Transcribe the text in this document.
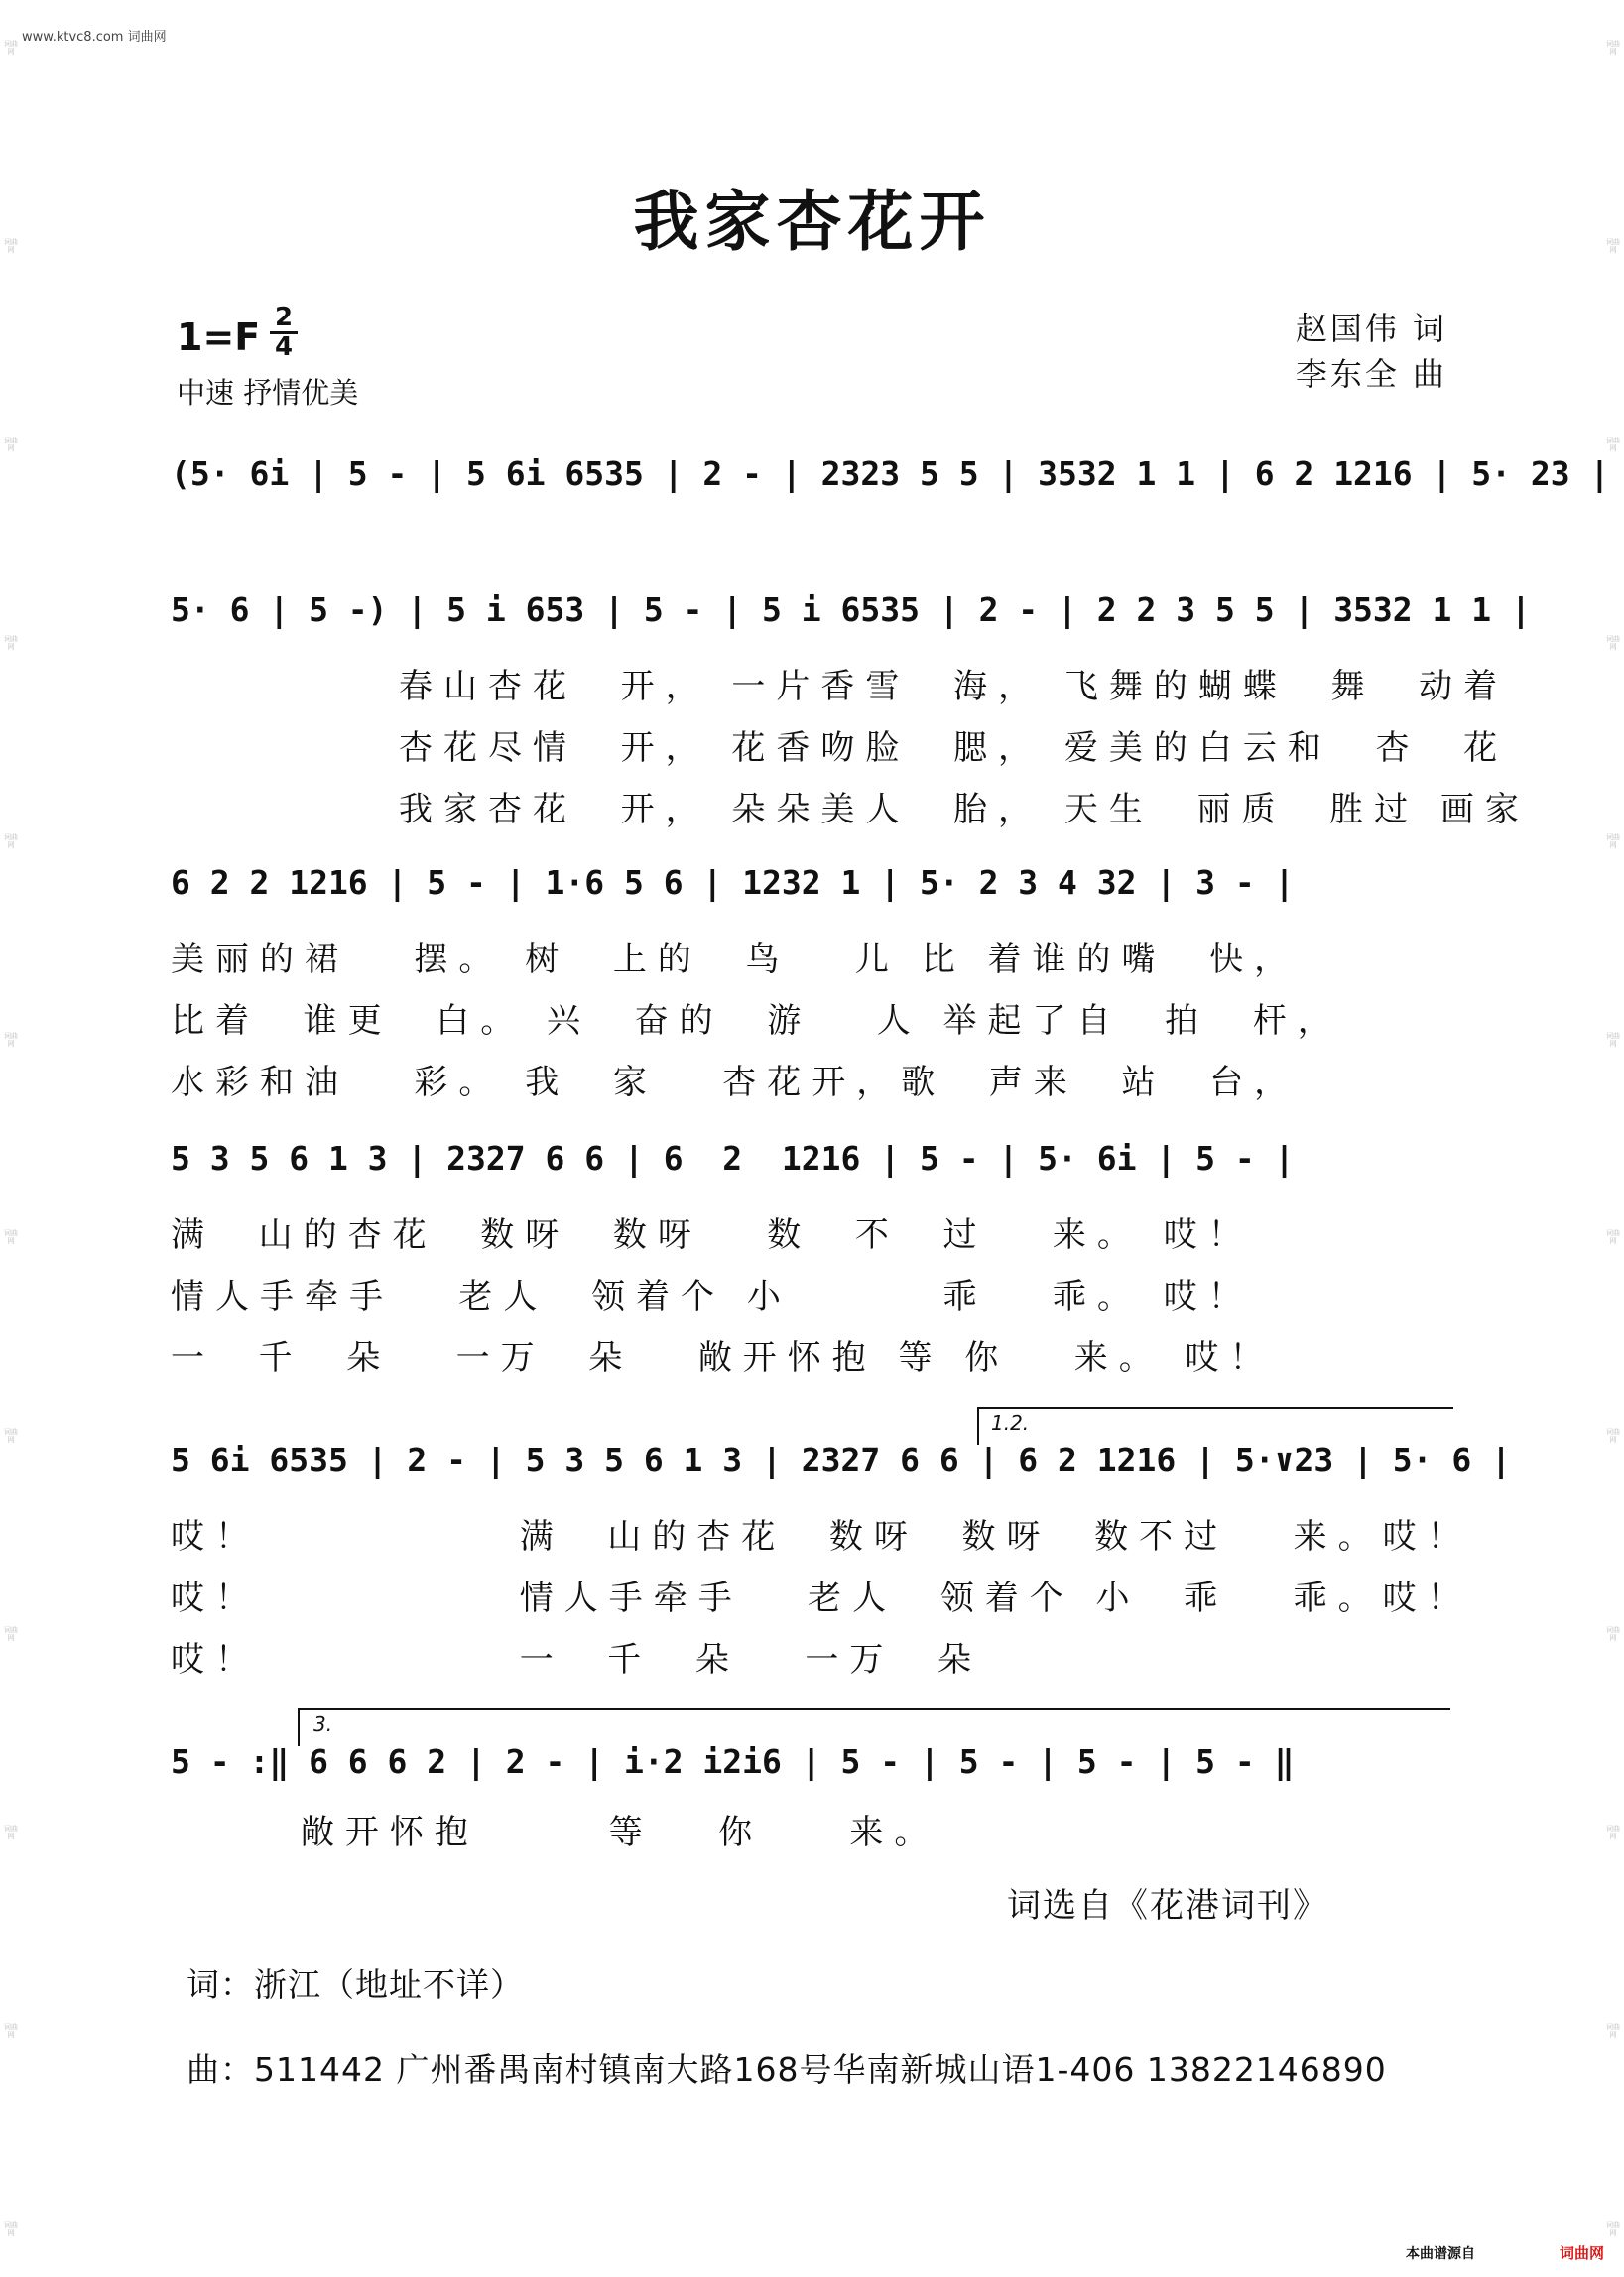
www.ktvc8.com 词曲网
词曲网
词曲网
词曲网
词曲网
词曲网
词曲网
词曲网
词曲网
词曲网
词曲网
词曲网
词曲网
词曲网
词曲网
词曲网
词曲网
词曲网
词曲网
词曲网
词曲网
词曲网
词曲网
词曲网
词曲网
我家杏花开
1=F 2
4
中速 抒情优美
赵国伟 词
李东全 曲
(5· 6i | 5 - | 5 6i 6535 | 2 - | 2323 5 5 | 3532 1 1 | 6 2 1216 | 5· 23 |
5· 6 | 5 -) | 5 i 653 | 5 - | 5 i 6535 | 2 - | 2 2 3 5 5 | 3532 1 1 |
春山杏花  开， 一片香雪  海， 飞舞的蝴蝶  舞  动着
杏花尽情  开， 花香吻脸  腮， 爱美的白云和  杏  花
我家杏花  开， 朵朵美人  胎， 天生  丽质  胜过 画家
6 2 2 1216 | 5 - | 1·6 5 6 | 1232 1 | 5· 2 3 4 32 | 3 - |
美丽的裙   摆。 树  上的  鸟   儿 比 着谁的嘴  快，
比着  谁更  白。 兴  奋的  游   人 举起了自  拍  杆，
水彩和油   彩。 我  家   杏花开，歌  声来  站  台，
5 3 5 6 1 3 | 2327 6 6 | 6  2  1216 | 5 - | 5· 6i | 5 - |
满  山的杏花  数呀  数呀   数  不  过   来。 哎！
情人手牵手   老人  领着个 小       乖   乖。 哎！
一  千  朵   一万  朵   敞开怀抱 等 你   来。 哎！
1.2.
5 6i 6535 | 2 - | 5 3 5 6 1 3 | 2327 6 6 | 6 2 1216 | 5·∨23 | 5· 6 |
哎！            满  山的杏花  数呀  数呀  数不过   来。哎！
哎！            情人手牵手   老人  领着个 小  乖   乖。哎！
哎！            一  千  朵   一万  朵
3.
5 - :‖ 6 6 6 2 | 2 - | i·2 i2i6 | 5 - | 5 - | 5 - | 5 - ‖
敞开怀抱      等   你    来。
词选自《花港词刊》
词：浙江（地址不详）
曲：511442 广州番禺南村镇南大路168号华南新城山语1-406 13822146890
本曲谱源自	词曲网
